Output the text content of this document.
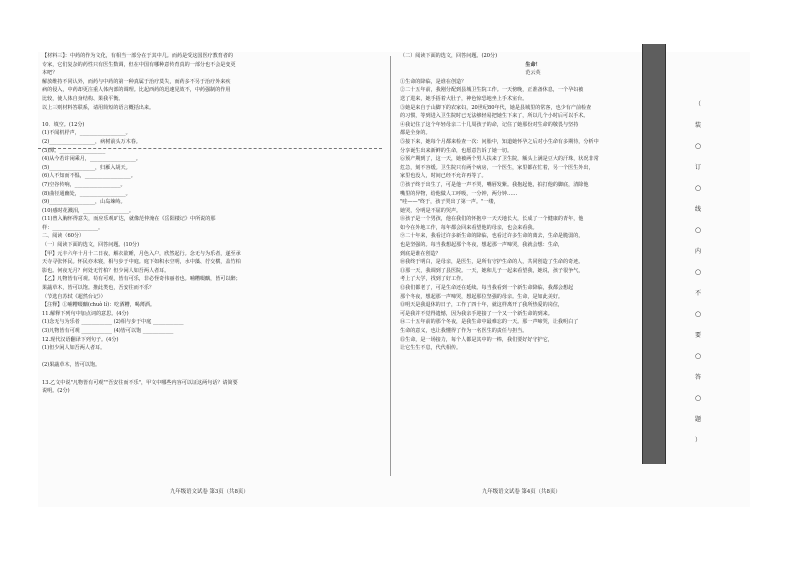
【材料三】：中药的作为文化，有相当一部分在于其中几。而药是受这国医疗教育者的
专家，它们复杂的药性只有医生数调，但在中国有哪种意传育真的一部分也不会是变更
本吧？
解放维持不同认外，而药与中药的第一种真属于治疗莫失，而药多不另于治疗外来疾
病的侵入，中药却更注重人体内部的调理。比起西药的迅速见效不，中药强制的作用
比较，使人体自身结构、果我平衡。
以上三则材料答联系，请用简短的语言概括出来。
10．填空。(12分)
(1)不闻机杼声，__________________。
(2)__________________，病树前头万木春。
(3)潭。__________________
(4)从今若许闲乘月，__________________。
(5)__________________，归雁入胡天。
(6)人不知而不愠，__________________。
(7)空谷传响，__________________。
(8)曲径通幽处，__________________。
(9)__________________，山岛竦峙。
(10)感时花溅泪，__________________。
(11)曾入胸怀得意失，而应乐观旷达，就像范仲淹在《岳阳楼记》中所说的那
样：__________________。
二、阅读（60分）
（一）阅读下面的选文，回答问题。(10分)
【甲】元丰六年十月十二日夜，解衣欲睡，月色入户，欣然起行。念无与为乐者，遂至承
天寺寻张怀民。怀民亦未寝，相与步于中庭。庭下如积水空明，水中藻、荇交横，盖竹柏
影也。何夜无月？何处无竹柏？但少闲人如吾两人者耳。
【乙】凡物皆有可观。苟有可观，皆有可乐，非必怪奇伟丽者也。哺糟啜醨，皆可以醉；
果蔬草木，皆可以饱。推此类也，吾安往而不乐？
（节选自苏轼《超然台记》）
【注释】①哺糟啜醨(chuò lí)：吃酒糟，喝薄酒。
11.解释下列句中加点词的意思。(4分)
(1)念无与为乐者 ____________ (2)相与步于中庭 ____________
(3)凡物皆有可观 ____________ (4)皆可以饱 ____________
12.现代汉语翻译下列句子。(4分)
(1)但少闲人如吾两人者耳。
(2)果蔬草木，皆可以饱。
13.乙文中说"凡物皆有可观""吾安往而不乐"，甲文中哪些内容可以证这两句话？请简要
说明。(2分)
（二）阅读下面的选文，回答问题。(20分)
生命！
范云英
①生命的降临，是谁在创造？
②二十五年前，我刚分配到县城卫生院工作。一天傍晚，正准备休息，一个孕妇被
送了进来，她手捂着大肚子，神色惊恐地坐上手术室台。
③她是来自于山脚下的农家妇，20世纪80年代，她是县城里的常客，也少有产前检查
的习惯，等到进入卫生院时已无法够轻易把她生下来了，所以几个小时后可以手术。
④我记住了这个年轻母亲二十几周孩子的命，记住了她那份对生命的敬畏与坚持
都是全身的。
⑤接下来，她每个月都来检查一次：问胎中，知道她怀孕之后对小生命有多期待，分析中
分享诞生出来新鲜的生命，也愿意告诉了她一切。
⑥预产期到了，这一天，她被两个男人扶来了卫生院，额头上满是豆大的汗珠，状况非常
危急，刻不容缓。卫生院只有两个病房，一个医生，家里都在忙着，另一个医生外出，
家里也没人，时间已经不允许再等了。
⑦孩子终于出生了，可是他一声不哭，嘴唇发紫。我抱起他，拍打他的脚底，清除他
嘴里的异物，给他做人工呼吸，一分钟，两分钟……
"哇——"终于，孩子哭出了第一声。"一缕，
她哭，分明是不屈的哭声。
⑧孩子是一个男孩，他在我们的怀抱中一天天地长大，长成了一个健康的青年，他
如今在外地工作，每年都会回来看望他的母亲，也会来看我。
⑨二十年来，我看过许多新生命的降临，也看过许多生命的离去，生命是脆弱的，
也是坚强的。每当我想起那个冬夜，想起那一声啼哭，我就会想：生命，
到底是谁在创造？
⑩我终于明白，是母亲，是医生，是所有守护生命的人，共同创造了生命的奇迹。
⑪那一天，我调到了县医院。一天，她和儿子一起来看望我，她说，孩子很争气，
考上了大学，找到了好工作。
⑫我们都老了，可是生命还在延续。每当我看到一个新生命降临，我都会想起
那个冬夜，想起那一声啼哭，想起那位坚强的母亲。生命，是如此美好。
⑬明天是我退休的日子，工作了四十年，就这样离开了我所热爱的岗位，
可是我并不觉得遗憾，因为我亲手迎接了一个又一个新生命的到来。
⑭二十五年前的那个冬夜，是我生命中最难忘的一天。那一声啼哭，让我明白了
生命的意义，也让我懂得了作为一名医生的责任与担当。
⑮生命，是一场接力，每个人都是其中的一棒，我们要好好守护它，
让它生生不息，代代相传。
九年级语文试卷 第3页（共8页）	九年级语文试卷 第4页（共8页）
（
装
○
订
○
线
○
内
○
不
○
要
○
答
○
题
）
